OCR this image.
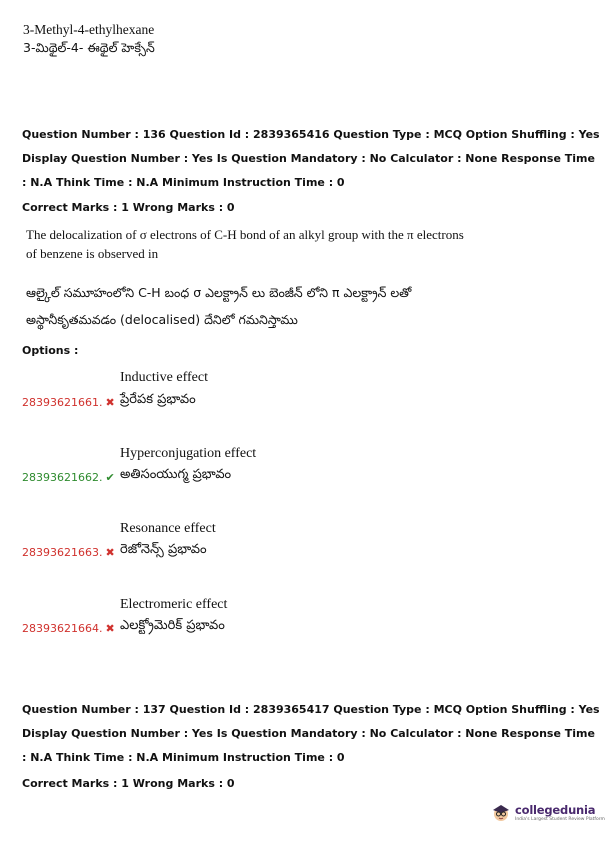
3-Methyl-4-ethylhexane
3-మిథైల్-4- ఈథైల్ హెక్సేన్
Question Number : 136 Question Id : 2839365416 Question Type : MCQ Option Shuffling : Yes
Display Question Number : Yes Is Question Mandatory : No Calculator : None Response Time
: N.A Think Time : N.A Minimum Instruction Time : 0
Correct Marks : 1 Wrong Marks : 0
The delocalization of σ electrons of C-H bond of an alkyl group with the π electrons
of benzene is observed in
ఆల్కైల్ సమూహంలోని C-H బంధ σ ఎలక్ట్రాన్ లు బెంజీన్ లోని π ఎలక్ట్రాన్ లతో
అస్థానీకృతమవడం (delocalised) దేనిలో గమనిస్తాము
Options :
Inductive effect
28393621661. ✖ ప్రేరేపక ప్రభావం
Hyperconjugation effect
28393621662. ✔ అతిసంయుగ్మ ప్రభావం
Resonance effect
28393621663. ✖ రెజోనెన్స్ ప్రభావం
Electromeric effect
28393621664. ✖ ఎలక్ట్రోమెరిక్ ప్రభావం
Question Number : 137 Question Id : 2839365417 Question Type : MCQ Option Shuffling : Yes
Display Question Number : Yes Is Question Mandatory : No Calculator : None Response Time
: N.A Think Time : N.A Minimum Instruction Time : 0
Correct Marks : 1 Wrong Marks : 0
collegedunia
India's Largest Student Review Platform
